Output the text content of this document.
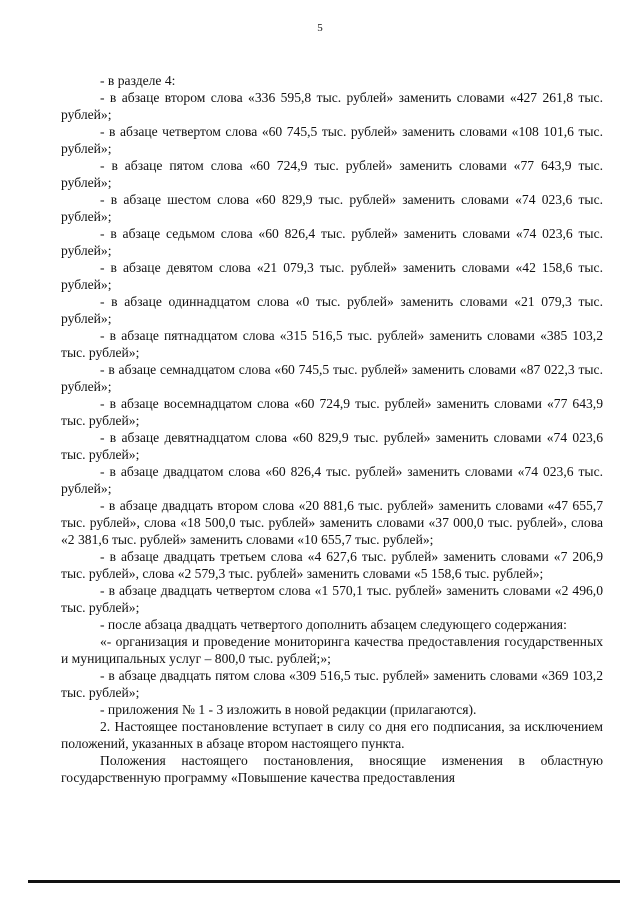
5

- в разделе 4:

- в абзаце втором слова «336 595,8 тыс. рублей» заменить словами «427 261,8 тыс. рублей»;

- в абзаце четвертом слова «60 745,5 тыс. рублей» заменить словами «108 101,6 тыс. рублей»;

- в абзаце пятом слова «60 724,9 тыс. рублей» заменить словами «77 643,9 тыс. рублей»;

- в абзаце шестом слова «60 829,9 тыс. рублей» заменить словами «74 023,6 тыс. рублей»;

- в абзаце седьмом слова «60 826,4 тыс. рублей» заменить словами «74 023,6 тыс. рублей»;

- в абзаце девятом слова «21 079,3 тыс. рублей» заменить словами «42 158,6 тыс. рублей»;

- в абзаце одиннадцатом слова «0 тыс. рублей» заменить словами «21 079,3 тыс. рублей»;

- в абзаце пятнадцатом слова «315 516,5 тыс. рублей» заменить словами «385 103,2 тыс. рублей»;

- в абзаце семнадцатом слова «60 745,5 тыс. рублей» заменить словами «87 022,3 тыс. рублей»;

- в абзаце восемнадцатом слова «60 724,9 тыс. рублей» заменить словами «77 643,9 тыс. рублей»;

- в абзаце девятнадцатом слова «60 829,9 тыс. рублей» заменить словами «74 023,6 тыс. рублей»;

- в абзаце двадцатом слова «60 826,4 тыс. рублей» заменить словами «74 023,6 тыс. рублей»;

- в абзаце двадцать втором слова «20 881,6 тыс. рублей» заменить словами «47 655,7 тыс. рублей», слова «18 500,0 тыс. рублей» заменить словами «37 000,0 тыс. рублей», слова «2 381,6 тыс. рублей» заменить словами «10 655,7 тыс. рублей»;

- в абзаце двадцать третьем слова «4 627,6 тыс. рублей» заменить словами «7 206,9 тыс. рублей», слова «2 579,3 тыс. рублей» заменить словами «5 158,6 тыс. рублей»;

- в абзаце двадцать четвертом слова «1 570,1 тыс. рублей» заменить словами «2 496,0 тыс. рублей»;

- после абзаца двадцать четвертого дополнить абзацем следующего содержания:

«- организация и проведение мониторинга качества предоставления государственных и муниципальных услуг – 800,0 тыс. рублей;»;

- в абзаце двадцать пятом слова «309 516,5 тыс. рублей» заменить словами «369 103,2 тыс. рублей»;

- приложения № 1 - 3 изложить в новой редакции (прилагаются).

2. Настоящее постановление вступает в силу со дня его подписания, за исключением положений, указанных в абзаце втором настоящего пункта.

Положения настоящего постановления, вносящие изменения в областную государственную программу «Повышение качества предоставления
